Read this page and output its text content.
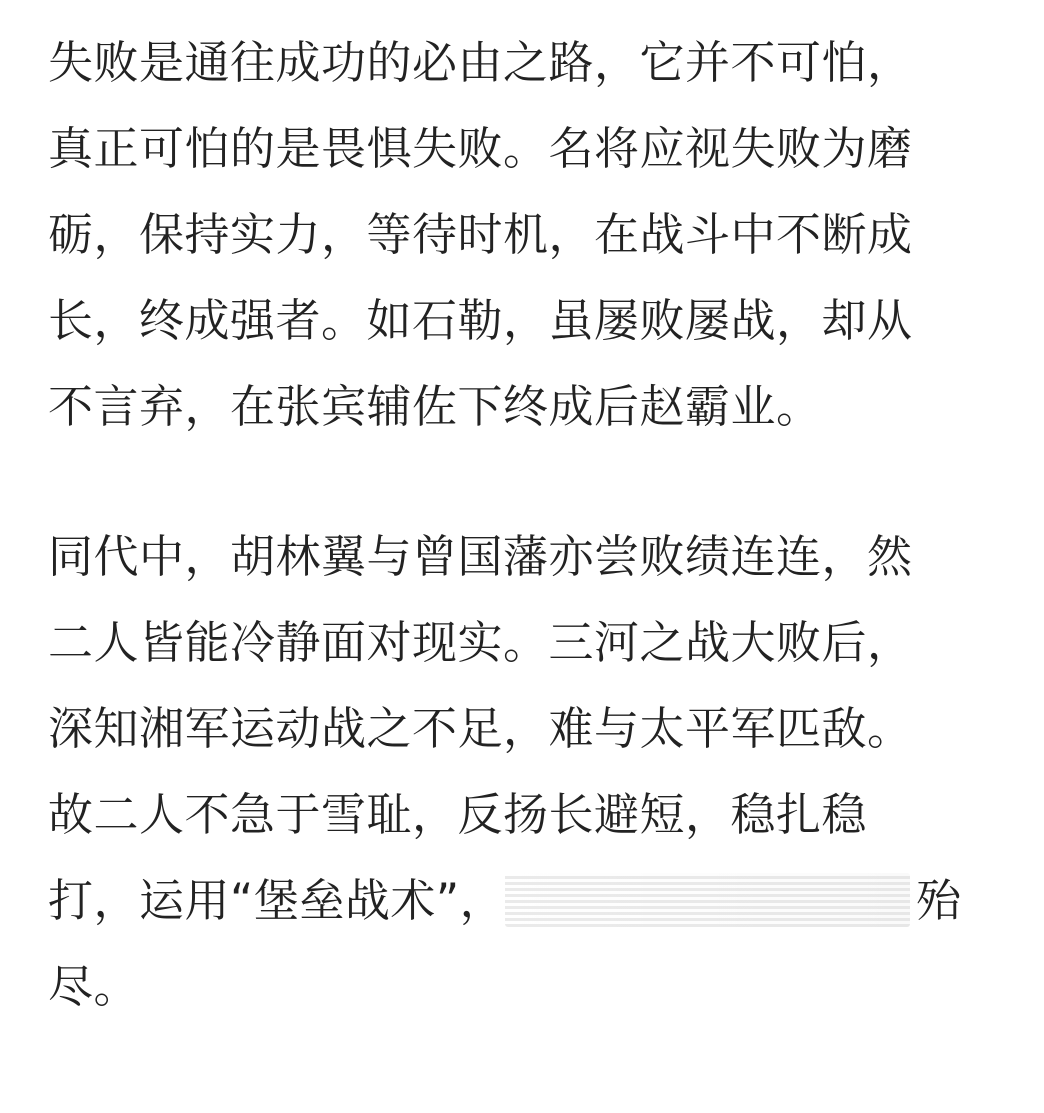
失败是通往成功的必由之路，它并不可怕，
真正可怕的是畏惧失败。名将应视失败为磨
砺，保持实力，等待时机，在战斗中不断成
长，终成强者。如石勒，虽屡败屡战，却从
不言弃，在张宾辅佐下终成后赵霸业。
同代中，胡林翼与曾国藩亦尝败绩连连，然
二人皆能冷静面对现实。三河之战大败后，
深知湘军运动战之不足，难与太平军匹敌。
故二人不急于雪耻，反扬长避短，稳扎稳
打，运用“堡垒战术”，	殆
尽。
